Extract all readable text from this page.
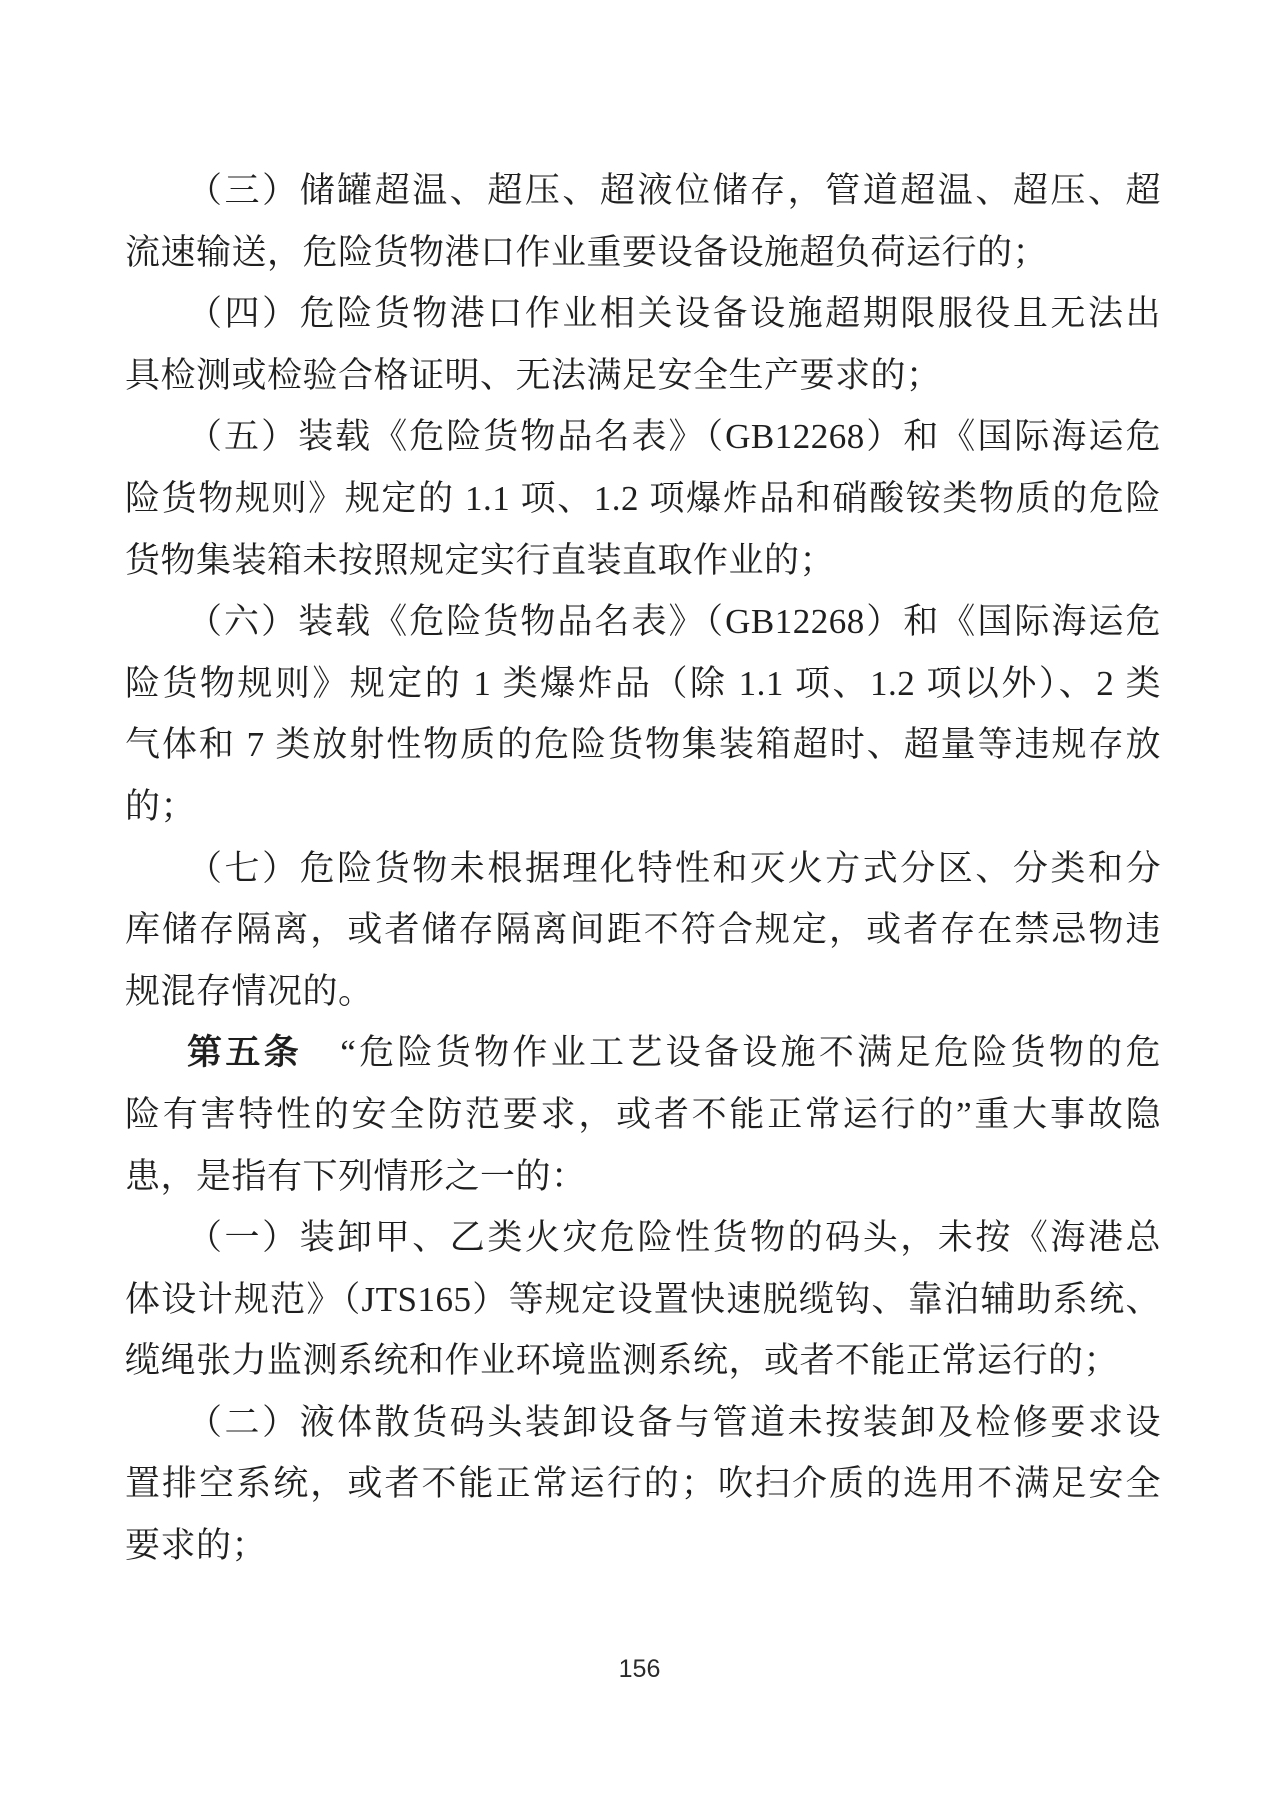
（三）储罐超温、超压、超液位储存，管道超温、超压、超
流速输送，危险货物港口作业重要设备设施超负荷运行的；
（四）危险货物港口作业相关设备设施超期限服役且无法出
具检测或检验合格证明、无法满足安全生产要求的；
（五）装载《危险货物品名表》（GB12268）和《国际海运危
险货物规则》规定的 1.1 项、1.2 项爆炸品和硝酸铵类物质的危险
货物集装箱未按照规定实行直装直取作业的；
（六）装载《危险货物品名表》（GB12268）和《国际海运危
险货物规则》规定的 1 类爆炸品（除 1.1 项、1.2 项以外）、2 类
气体和 7 类放射性物质的危险货物集装箱超时、超量等违规存放
的；
（七）危险货物未根据理化特性和灭火方式分区、分类和分
库储存隔离，或者储存隔离间距不符合规定，或者存在禁忌物违
规混存情况的。
第五条　“危险货物作业工艺设备设施不满足危险货物的危
险有害特性的安全防范要求，或者不能正常运行的”重大事故隐
患，是指有下列情形之一的：
（一）装卸甲、乙类火灾危险性货物的码头，未按《海港总
体设计规范》（JTS165）等规定设置快速脱缆钩、靠泊辅助系统、
缆绳张力监测系统和作业环境监测系统，或者不能正常运行的；
（二）液体散货码头装卸设备与管道未按装卸及检修要求设
置排空系统，或者不能正常运行的；吹扫介质的选用不满足安全
要求的；
156
